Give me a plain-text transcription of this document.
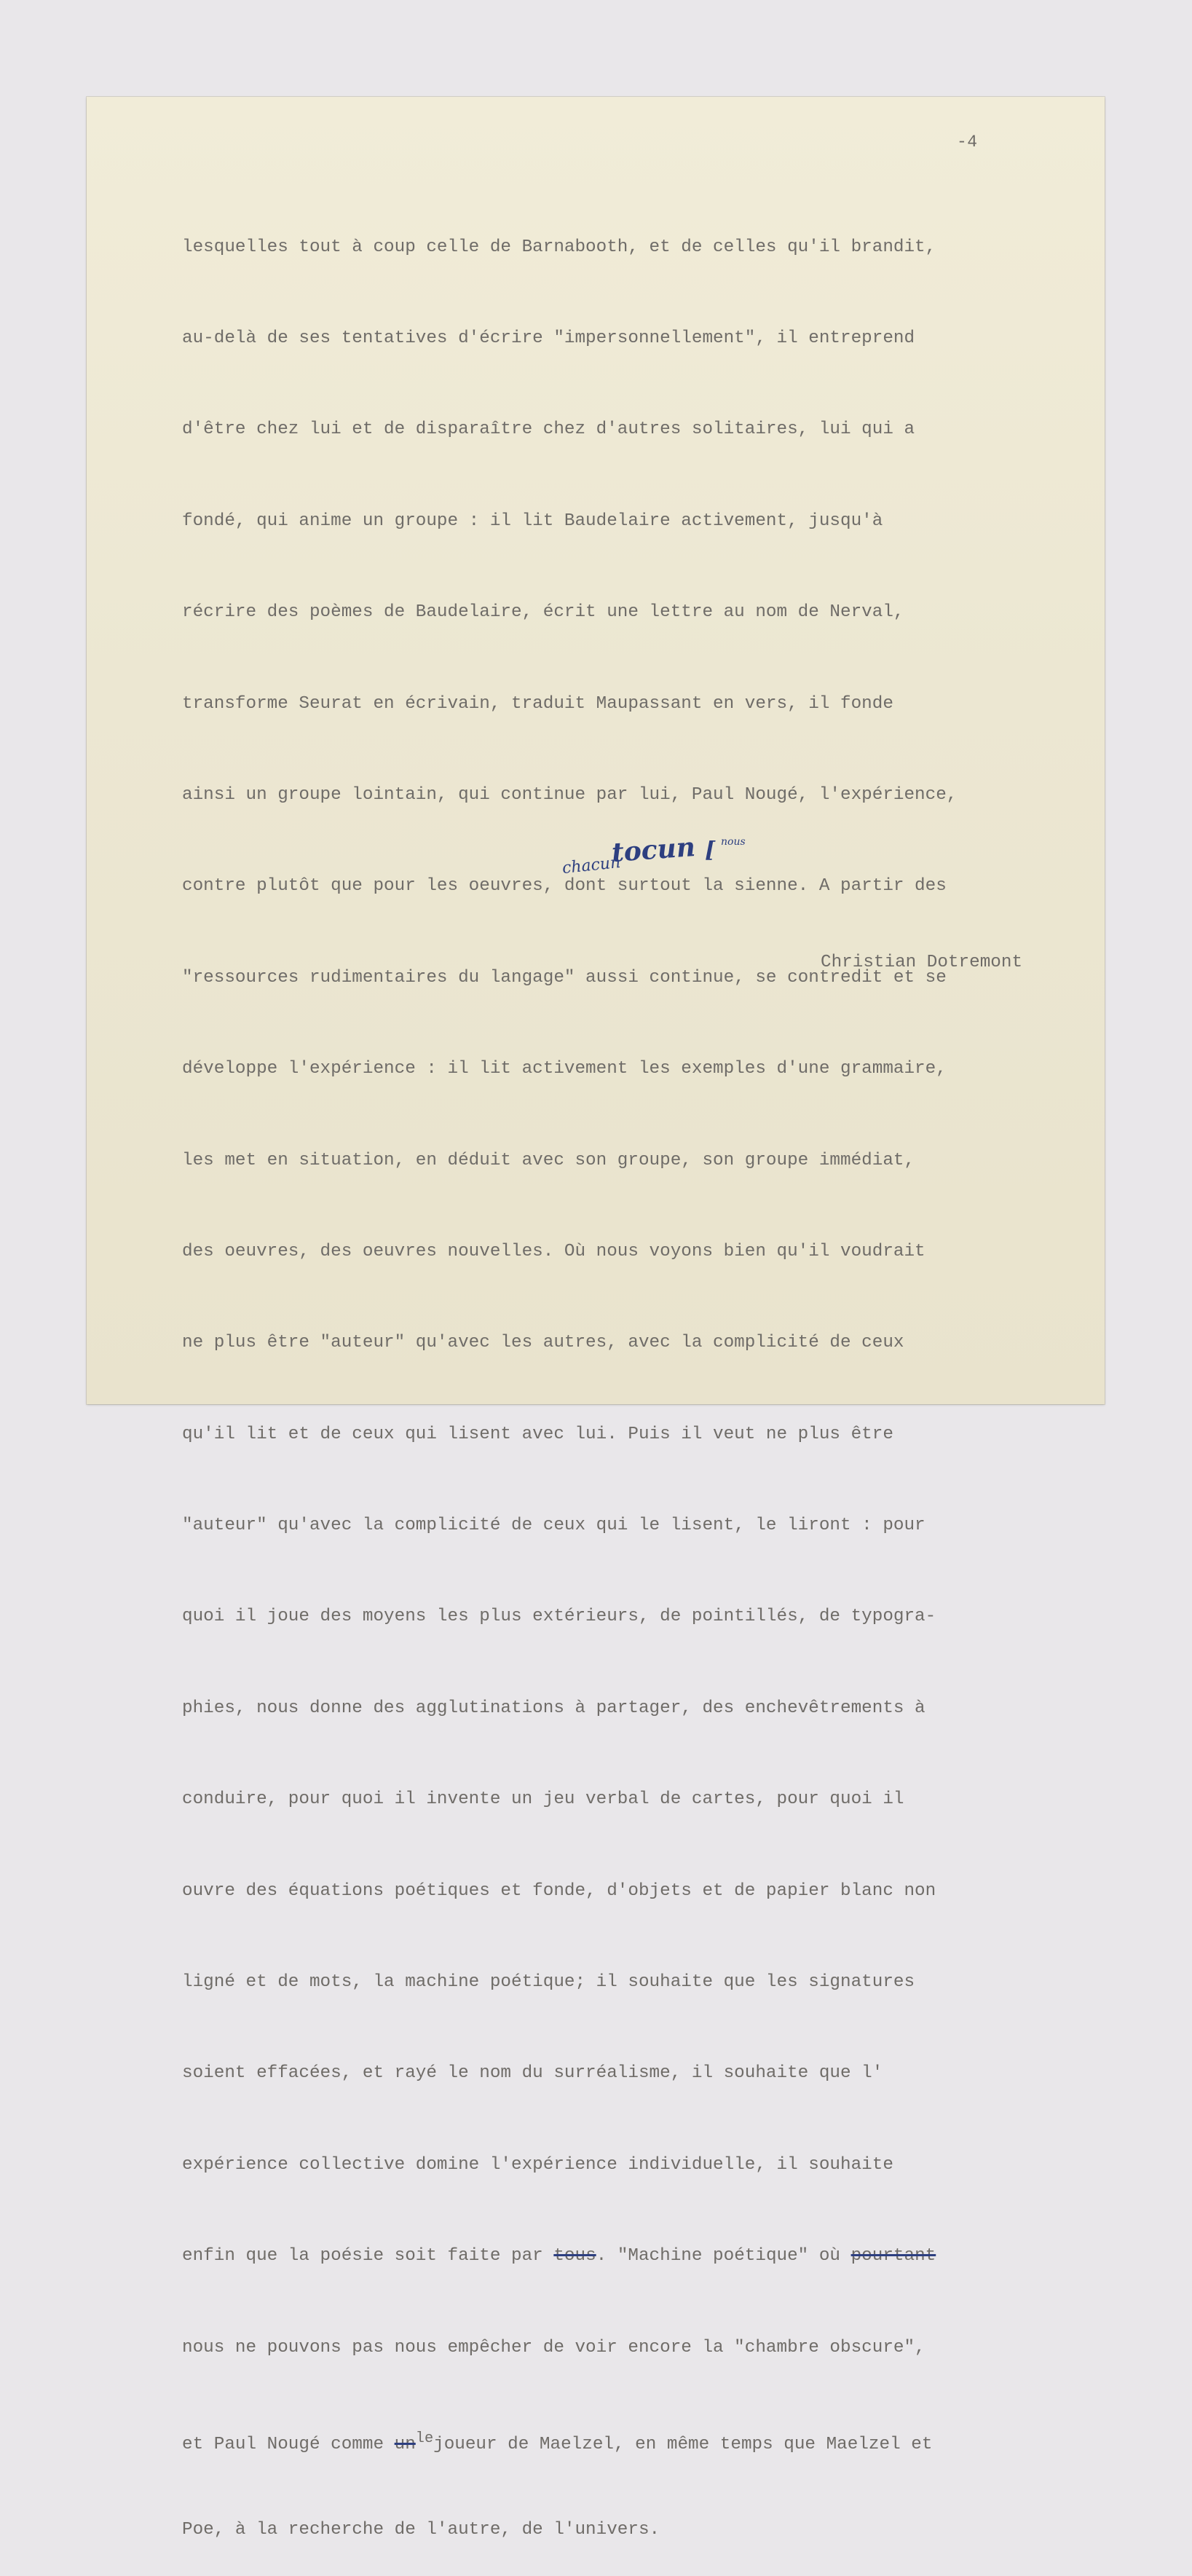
-4

lesquelles tout à coup celle de Barnabooth, et de celles qu'il brandit,

au-delà de ses tentatives d'écrire "impersonnellement", il entreprend

d'être chez lui et de disparaître chez d'autres solitaires, lui qui a

fondé, qui anime un groupe : il lit Baudelaire activement, jusqu'à

récrire des poèmes de Baudelaire, écrit une lettre au nom de Nerval,

transforme Seurat en écrivain, traduit Maupassant en vers, il fonde

ainsi un groupe lointain, qui continue par lui, Paul Nougé, l'expérience,

contre plutôt que pour les oeuvres, dont surtout la sienne. A partir des

"ressources rudimentaires du langage" aussi continue, se contredit et se

développe l'expérience : il lit activement les exemples d'une grammaire,

les met en situation, en déduit avec son groupe, son groupe immédiat,

des oeuvres, des oeuvres nouvelles. Où nous voyons bien qu'il voudrait

ne plus être "auteur" qu'avec les autres, avec la complicité de ceux

qu'il lit et de ceux qui lisent avec lui. Puis il veut ne plus être

"auteur" qu'avec la complicité de ceux qui le lisent, le liront : pour

quoi il joue des moyens les plus extérieurs, de pointillés, de typogra-

phies, nous donne des agglutinations à partager, des enchevêtrements à

conduire, pour quoi il invente un jeu verbal de cartes, pour quoi il

ouvre des équations poétiques et fonde, d'objets et de papier blanc non

ligné et de mots, la machine poétique; il souhaite que les signatures

soient effacées, et rayé le nom du surréalisme, il souhaite que l'

expérience collective domine l'expérience individuelle, il souhaite

enfin que la poésie soit faite par tous. "Machine poétique" où pourtant

nous ne pouvons pas nous empêcher de voir encore la "chambre obscure",

et Paul Nougé comme $un^{le}joueur$ de Maelzel, en même temps que Maelzel et

Poe, à la recherche de l'autre, de l'univers.

Christian Dotremont
tocun
chacun
[ nous
